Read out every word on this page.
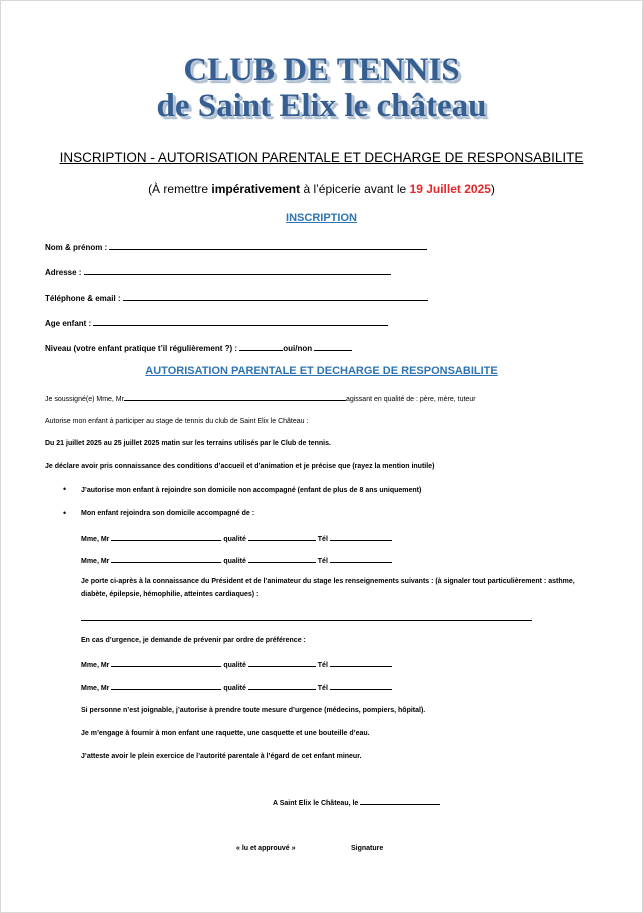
CLUB DE TENNIS
de Saint Elix le château
INSCRIPTION - AUTORISATION PARENTALE ET DECHARGE DE RESPONSABILITE
(À remettre impérativement à l’épicerie avant le 19 Juillet 2025)
INSCRIPTION
Nom & prénom :
Adresse :
Téléphone & email :
Age enfant :
Niveau (votre enfant pratique t’il régulièrement ?) :	oui/non
AUTORISATION PARENTALE ET DECHARGE DE RESPONSABILITE
Je soussigné(e) Mme, Mr	agissant en qualité de : père, mère, tuteur
Autorise mon enfant à participer au stage de tennis du club de Saint Elix le Château :
Du 21 juillet 2025 au 25 juillet 2025 matin sur les terrains utilisés par le Club de tennis.
Je déclare avoir pris connaissance des conditions d’accueil et d’animation et je précise que (rayez la mention inutile)
• J’autorise mon enfant à rejoindre son domicile non accompagné (enfant de plus de 8 ans uniquement)
• Mon enfant rejoindra son domicile accompagné de :
Mme, Mr	qualité	Tél
Mme, Mr	qualité	Tél
Je porte ci-après à la connaissance du Président et de l’animateur du stage les renseignements suivants : (à signaler tout particulièrement : asthme, diabète, épilepsie, hémophilie, atteintes cardiaques) :
En cas d’urgence, je demande de prévenir par ordre de préférence :
Mme, Mr	qualité	Tél
Mme, Mr	qualité	Tél
Si personne n’est joignable, j’autorise à prendre toute mesure d’urgence (médecins, pompiers, hôpital).
Je m’engage à fournir à mon enfant une raquette, une casquette et une bouteille d’eau.
J’atteste avoir le plein exercice de l’autorité parentale à l’égard de cet enfant mineur.
A Saint Elix le Château, le
« lu et approuvé »	Signature
